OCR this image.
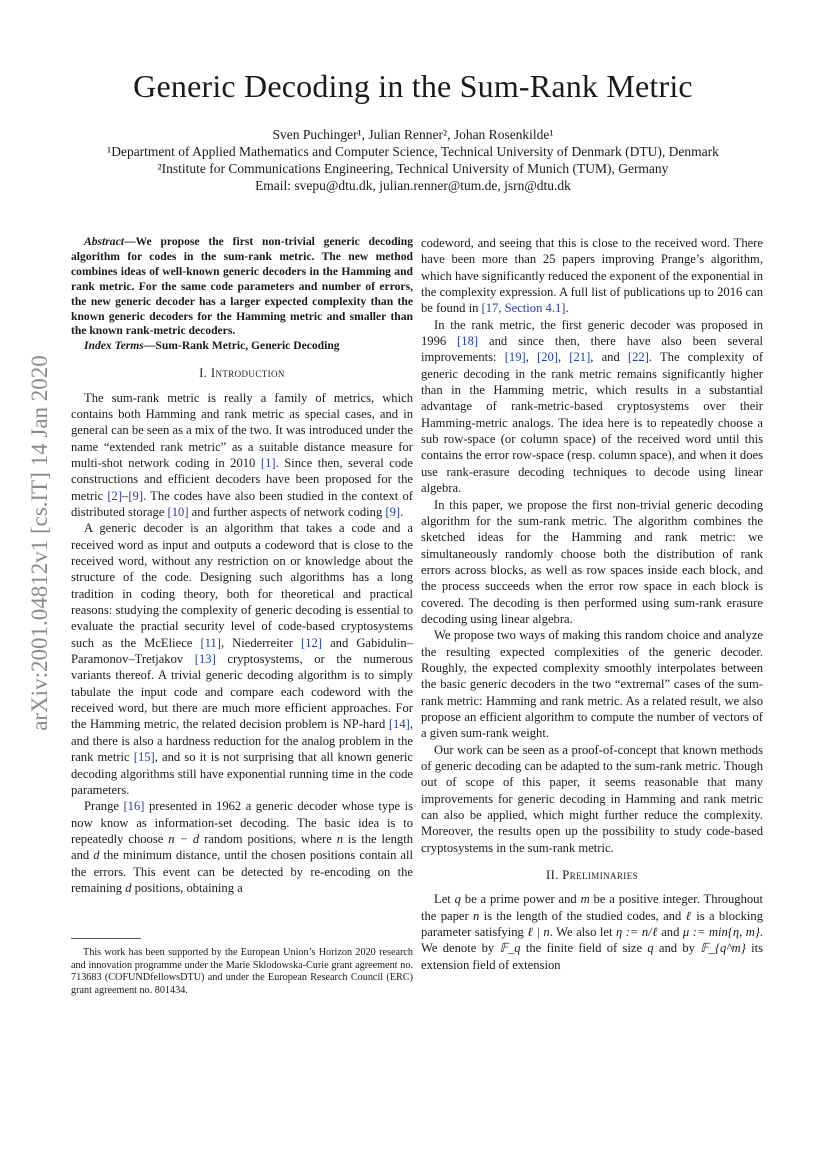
Generic Decoding in the Sum-Rank Metric
Sven Puchinger¹, Julian Renner², Johan Rosenkilde¹
¹Department of Applied Mathematics and Computer Science, Technical University of Denmark (DTU), Denmark
²Institute for Communications Engineering, Technical University of Munich (TUM), Germany
Email: svepu@dtu.dk, julian.renner@tum.de, jsrn@dtu.dk
arXiv:2001.04812v1 [cs.IT] 14 Jan 2020

Abstract—We propose the first non-trivial generic decoding algorithm for codes in the sum-rank metric. The new method combines ideas of well-known generic decoders in the Hamming and rank metric. For the same code parameters and number of errors, the new generic decoder has a larger expected complexity than the known generic decoders for the Hamming metric and smaller than the known rank-metric decoders.

Index Terms—Sum-Rank Metric, Generic Decoding

I. Introduction

The sum-rank metric is really a family of metrics, which contains both Hamming and rank metric as special cases, and in general can be seen as a mix of the two. It was introduced under the name “extended rank metric” as a suitable distance measure for multi-shot network coding in 2010 [1]. Since then, several code constructions and efficient decoders have been proposed for the metric [2]–[9]. The codes have also been studied in the context of distributed storage [10] and further aspects of network coding [9].

A generic decoder is an algorithm that takes a code and a received word as input and outputs a codeword that is close to the received word, without any restriction on or knowledge about the structure of the code. Designing such algorithms has a long tradition in coding theory, both for theoretical and practical reasons: studying the complexity of generic decoding is essential to evaluate the practial security level of code-based cryptosystems such as the McEliece [11], Niederreiter [12] and Gabidulin–Paramonov–Tretjakov [13] cryptosystems, or the numerous variants thereof. A trivial generic decoding algorithm is to simply tabulate the input code and compare each codeword with the received word, but there are much more efficient approaches. For the Hamming metric, the related decision problem is NP-hard [14], and there is also a hardness reduction for the analog problem in the rank metric [15], and so it is not surprising that all known generic decoding algorithms still have exponential running time in the code parameters.

Prange [16] presented in 1962 a generic decoder whose type is now know as information-set decoding. The basic idea is to repeatedly choose n − d random positions, where n is the length and d the minimum distance, until the chosen positions contain all the errors. This event can be detected by re-encoding on the remaining d positions, obtaining a

This work has been supported by the European Union’s Horizon 2020 research and innovation programme under the Marie Sklodowska-Curie grant agreement no. 713683 (COFUNDfellowsDTU) and under the European Research Council (ERC) grant agreement no. 801434.

codeword, and seeing that this is close to the received word. There have been more than 25 papers improving Prange’s algorithm, which have significantly reduced the exponent of the exponential in the complexity expression. A full list of publications up to 2016 can be found in [17, Section 4.1].

In the rank metric, the first generic decoder was proposed in 1996 [18] and since then, there have also been several improvements: [19], [20], [21], and [22]. The complexity of generic decoding in the rank metric remains significantly higher than in the Hamming metric, which results in a substantial advantage of rank-metric-based cryptosystems over their Hamming-metric analogs. The idea here is to repeatedly choose a sub row-space (or column space) of the received word until this contains the error row-space (resp. column space), and when it does use rank-erasure decoding techniques to decode using linear algebra.

In this paper, we propose the first non-trivial generic decoding algorithm for the sum-rank metric. The algorithm combines the sketched ideas for the Hamming and rank metric: we simultaneously randomly choose both the distribution of rank errors across blocks, as well as row spaces inside each block, and the process succeeds when the error row space in each block is covered. The decoding is then performed using sum-rank erasure decoding using linear algebra.

We propose two ways of making this random choice and analyze the resulting expected complexities of the generic decoder. Roughly, the expected complexity smoothly interpolates between the basic generic decoders in the two “extremal” cases of the sum-rank metric: Hamming and rank metric. As a related result, we also propose an efficient algorithm to compute the number of vectors of a given sum-rank weight.

Our work can be seen as a proof-of-concept that known methods of generic decoding can be adapted to the sum-rank metric. Though out of scope of this paper, it seems reasonable that many improvements for generic decoding in Hamming and rank metric can also be applied, which might further reduce the complexity. Moreover, the results open up the possibility to study code-based cryptosystems in the sum-rank metric.

II. Preliminaries

Let q be a prime power and m be a positive integer. Throughout the paper n is the length of the studied codes, and ℓ is a blocking parameter satisfying ℓ | n. We also let η := n/ℓ and μ := min{η, m}. We denote by 𝔽_q the finite field of size q and by 𝔽_{q^m} its extension field of extension
